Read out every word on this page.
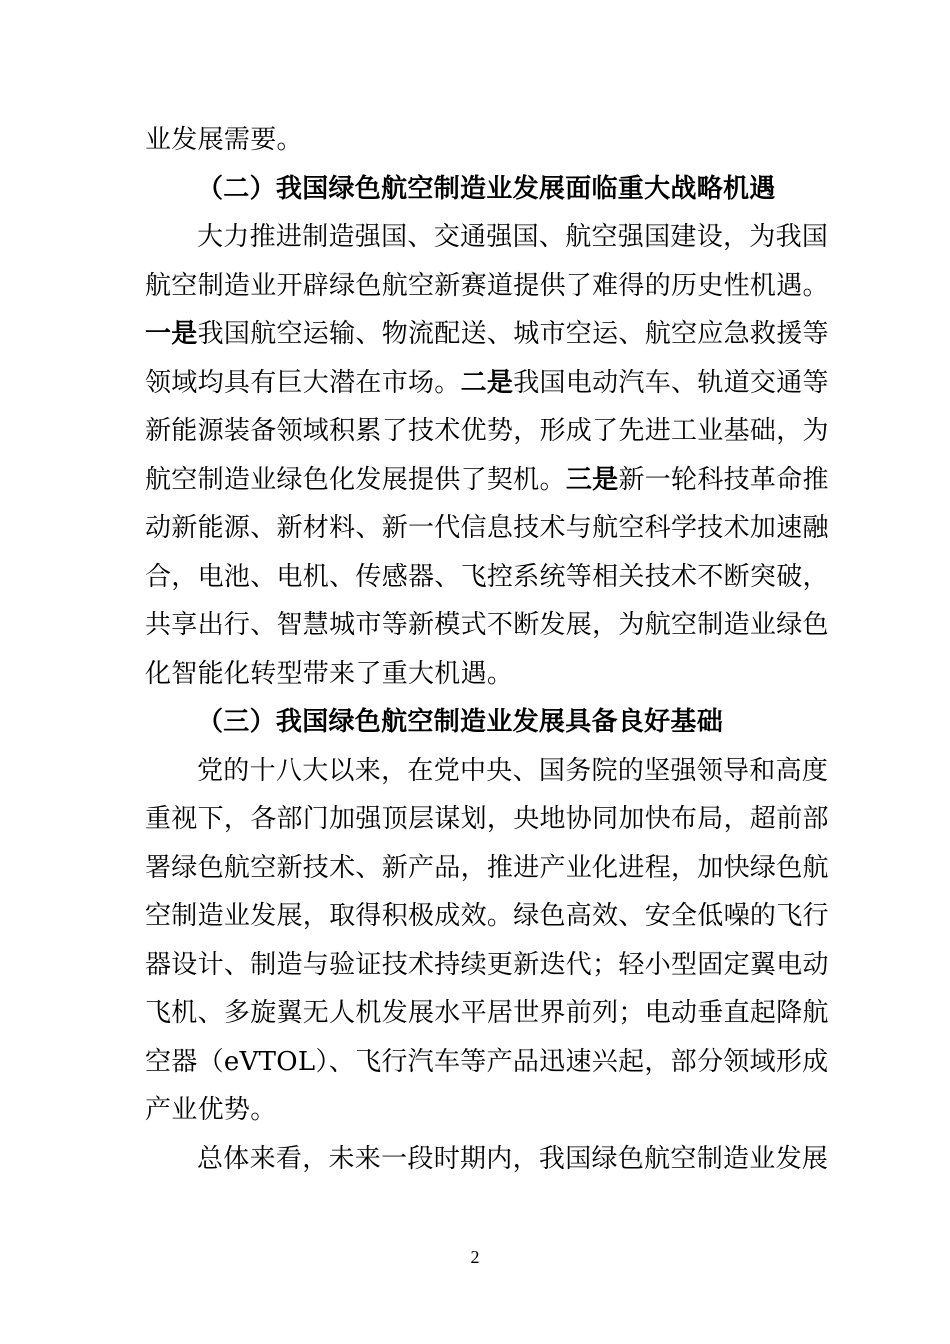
业发展需要。
（二）我国绿色航空制造业发展面临重大战略机遇
大力推进制造强国、交通强国、航空强国建设，为我国
航空制造业开辟绿色航空新赛道提供了难得的历史性机遇。
一是我国航空运输、物流配送、城市空运、航空应急救援等
领域均具有巨大潜在市场。二是我国电动汽车、轨道交通等
新能源装备领域积累了技术优势，形成了先进工业基础，为
航空制造业绿色化发展提供了契机。三是新一轮科技革命推
动新能源、新材料、新一代信息技术与航空科学技术加速融
合，电池、电机、传感器、飞控系统等相关技术不断突破，
共享出行、智慧城市等新模式不断发展，为航空制造业绿色
化智能化转型带来了重大机遇。
（三）我国绿色航空制造业发展具备良好基础
党的十八大以来，在党中央、国务院的坚强领导和高度
重视下，各部门加强顶层谋划，央地协同加快布局，超前部
署绿色航空新技术、新产品，推进产业化进程，加快绿色航
空制造业发展，取得积极成效。绿色高效、安全低噪的飞行
器设计、制造与验证技术持续更新迭代；轻小型固定翼电动
飞机、多旋翼无人机发展水平居世界前列；电动垂直起降航
空器（eVTOL）、飞行汽车等产品迅速兴起，部分领域形成
产业优势。
总体来看，未来一段时期内，我国绿色航空制造业发展
2
